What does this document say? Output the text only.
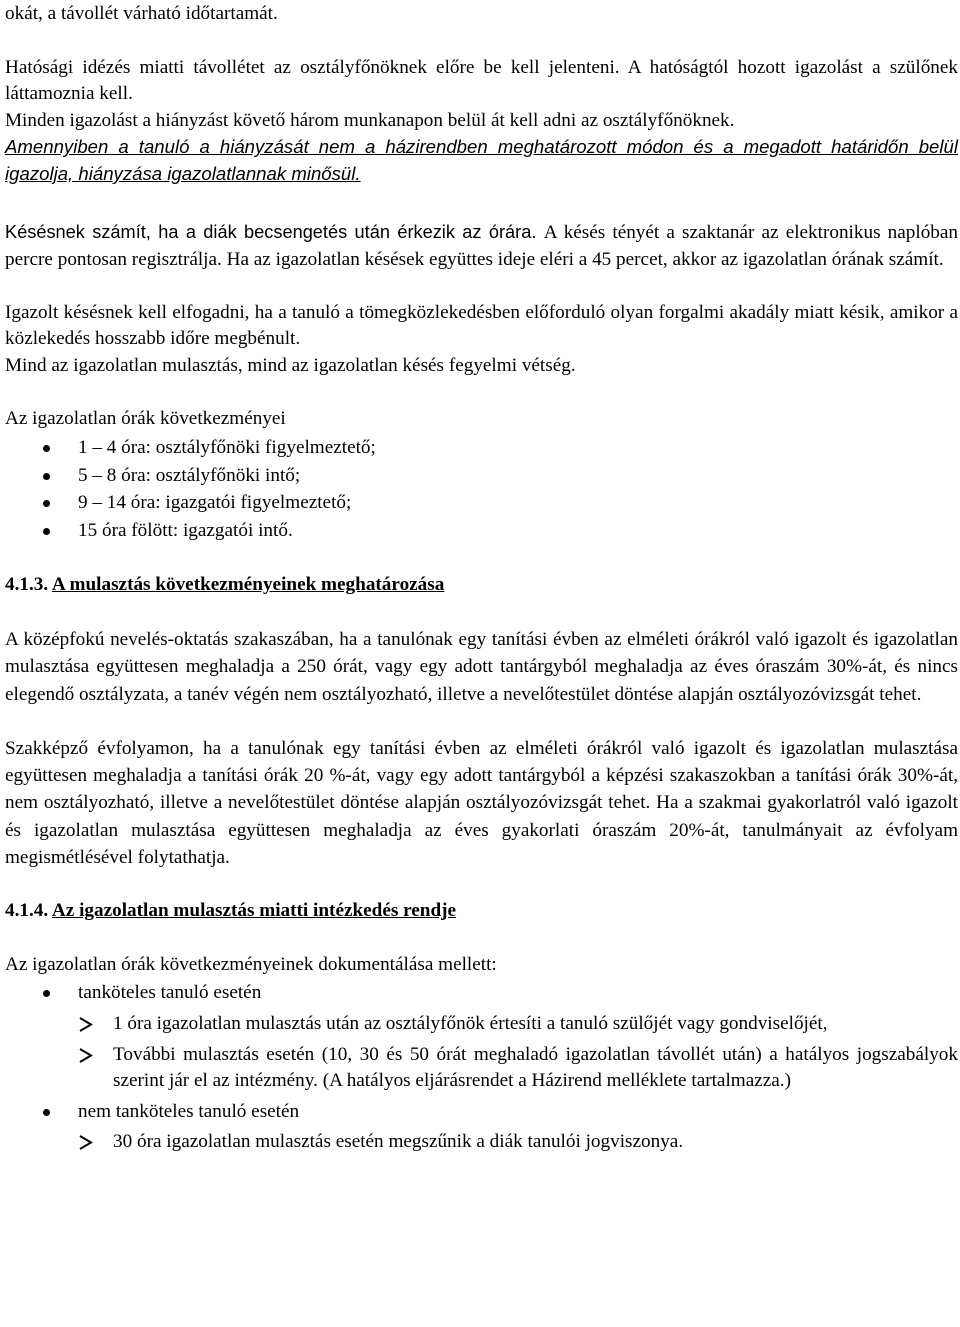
okát, a távollét várható időtartamát.

Hatósági idézés miatti távollétet az osztályfőnöknek előre be kell jelenteni. A hatóságtól hozott igazolást a szülőnek láttamoznia kell.

Minden igazolást a hiányzást követő három munkanapon belül át kell adni az osztályfőnöknek.

Amennyiben a tanuló a hiányzását nem a házirendben meghatározott módon és a megadott határidőn belül igazolja, hiányzása igazolatlannak minősül.

Késésnek számít, ha a diák becsengetés után érkezik az órára. A késés tényét a szaktanár az elektronikus naplóban percre pontosan regisztrálja. Ha az igazolatlan késések együttes ideje eléri a 45 percet, akkor az igazolatlan órának számít.

Igazolt késésnek kell elfogadni, ha a tanuló a tömegközlekedésben előforduló olyan forgalmi akadály miatt késik, amikor a közlekedés hosszabb időre megbénult.

Mind az igazolatlan mulasztás, mind az igazolatlan késés fegyelmi vétség.

Az igazolatlan órák következményei

1 – 4 óra: osztályfőnöki figyelmeztető;
5 – 8 óra: osztályfőnöki intő;
9 – 14 óra: igazgatói figyelmeztető;
15 óra fölött: igazgatói intő.
4.1.3. A mulasztás következményeinek meghatározása

A középfokú nevelés-oktatás szakaszában, ha a tanulónak egy tanítási évben az elméleti órákról való igazolt és igazolatlan mulasztása együttesen meghaladja a 250 órát, vagy egy adott tantárgyból meghaladja az éves óraszám 30%-át, és nincs elegendő osztályzata, a tanév végén nem osztályozható, illetve a nevelőtestület döntése alapján osztályozóvizsgát tehet.

Szakképző évfolyamon, ha a tanulónak egy tanítási évben az elméleti órákról való igazolt és igazolatlan mulasztása együttesen meghaladja a tanítási órák 20 %-át, vagy egy adott tantárgyból a képzési szakaszokban a tanítási órák 30%-át, nem osztályozható, illetve a nevelőtestület döntése alapján osztályozóvizsgát tehet. Ha a szakmai gyakorlatról való igazolt és igazolatlan mulasztása együttesen meghaladja az éves gyakorlati óraszám 20%-át, tanulmányait az évfolyam megismétlésével folytathatja.

4.1.4. Az igazolatlan mulasztás miatti intézkedés rendje

Az igazolatlan órák következményeinek dokumentálása mellett:

tanköteles tanuló esetén
1 óra igazolatlan mulasztás után az osztályfőnök értesíti a tanuló szülőjét vagy gondviselőjét,
További mulasztás esetén (10, 30 és 50 órát meghaladó igazolatlan távollét után) a hatályos jogszabályok szerint jár el az intézmény. (A hatályos eljárásrendet a Házirend melléklete tartalmazza.)
nem tanköteles tanuló esetén
30 óra igazolatlan mulasztás esetén megszűnik a diák tanulói jogviszonya.
